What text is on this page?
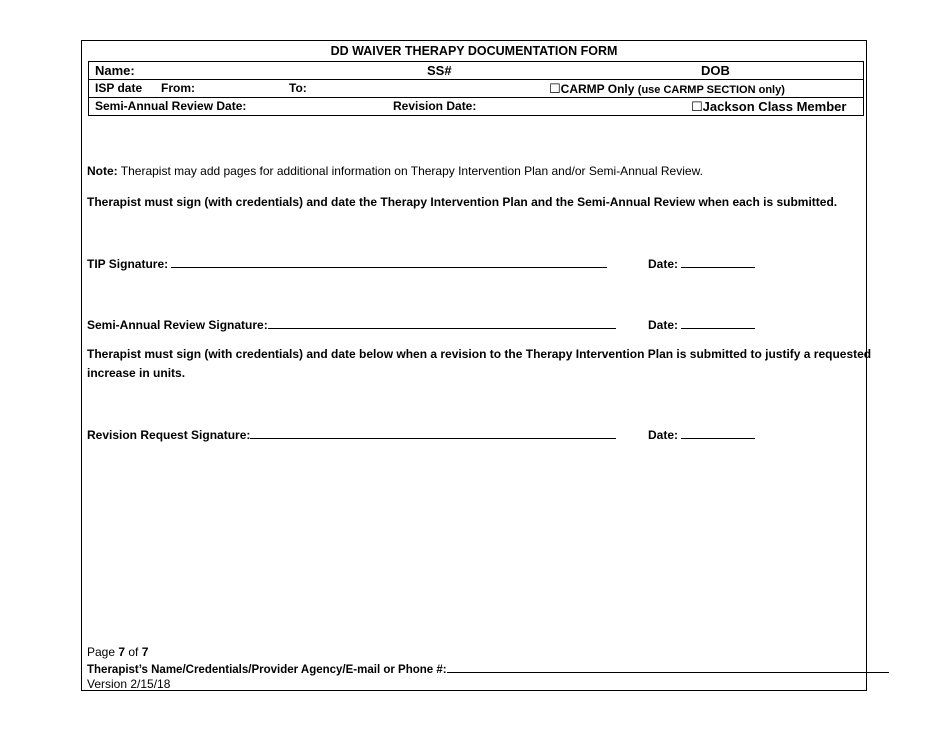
DD WAIVER THERAPY DOCUMENTATION FORM
Name:	SS#	DOB

ISP date From:	To:	☐CARMP Only (use CARMP SECTION only)

Semi-Annual Review Date:	Revision Date:	☐Jackson Class Member
Note: Therapist may add pages for additional information on Therapy Intervention Plan and/or Semi-Annual Review.
Therapist must sign (with credentials) and date the Therapy Intervention Plan and the Semi-Annual Review when each is submitted.
TIP Signature:	Date:
Semi-Annual Review Signature:	Date:
Therapist must sign (with credentials) and date below when a revision to the Therapy Intervention Plan is submitted to justify a requested
increase in units.
Revision Request Signature:	Date:
Page 7 of 7
Therapist’s Name/Credentials/Provider Agency/E-mail or Phone #:
Version 2/15/18
